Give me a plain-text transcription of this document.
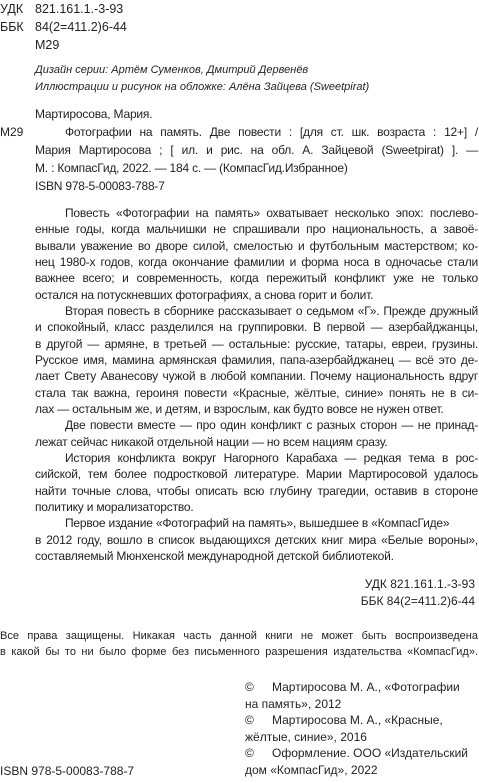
УДК 821.161.1.-3-93
ББК 84(2=411.2)6-44
М29
Дизайн серии: Артём Суменков, Дмитрий Дервенёв
Иллюстрации и рисунок на обложке: Алёна Зайцева (Sweetpirat)
Мартиросова, Мария.
М29	Фотографии на память. Две повести : [для ст. шк. возраста : 12+] /
Мария Мартиросова ; [ ил. и рис. на обл. А. Зайцевой (Sweetpirat) ]. —
М. : КомпасГид, 2022. — 184 с. — (КомпасГид.Избранное)
ISBN 978-5-00083-788-7
Повесть «Фотографии на память» охватывает несколько эпох: послево-
енные годы, когда мальчишки не спрашивали про национальность, а завоё-
вывали уважение во дворе силой, смелостью и футбольным мастерством; ко-
нец 1980-х годов, когда окончание фамилии и форма носа в одночасье стали
важнее всего; и современность, когда пережитый конфликт уже не только
остался на потускневших фотографиях, а снова горит и болит.
Вторая повесть в сборнике рассказывает о седьмом «Г». Прежде дружный
и спокойный, класс разделился на группировки. В первой — азербайджанцы,
в другой — армяне, в третьей — остальные: русские, татары, евреи, грузины.
Русское имя, мамина армянская фамилия, папа-азербайджанец — всё это де-
лает Свету Аванесову чужой в любой компании. Почему национальность вдруг
стала так важна, героиня повести «Красные, жёлтые, синие» понять не в си-
лах — остальным же, и детям, и взрослым, как будто вовсе не нужен ответ.
Две повести вместе — про один конфликт с разных сторон — не принад-
лежат сейчас никакой отдельной нации — но всем нациям сразу.
История конфликта вокруг Нагорного Карабаха — редкая тема в рос-
сийской, тем более подростковой литературе. Марии Мартиросовой удалось
найти точные слова, чтобы описать всю глубину трагедии, оставив в стороне
политику и морализаторство.
Первое издание «Фотографий на память», вышедшее в «КомпасГиде»
в 2012 году, вошло в список выдающихся детских книг мира «Белые вороны»,
составляемый Мюнхенской международной детской библиотекой.
УДК 821.161.1.-3-93
ББК 84(2=411.2)6-44
Все права защищены. Никакая часть данной книги не может быть воспроизведена
в какой бы то ни было форме без письменного разрешения издательства «КомпасГид».
© Мартиросова М. А., «Фотографии
на память», 2012
© Мартиросова М. А., «Красные,
жёлтые, синие», 2016
© Оформление. ООО «Издательский
дом «КомпасГид», 2022
ISBN 978-5-00083-788-7
